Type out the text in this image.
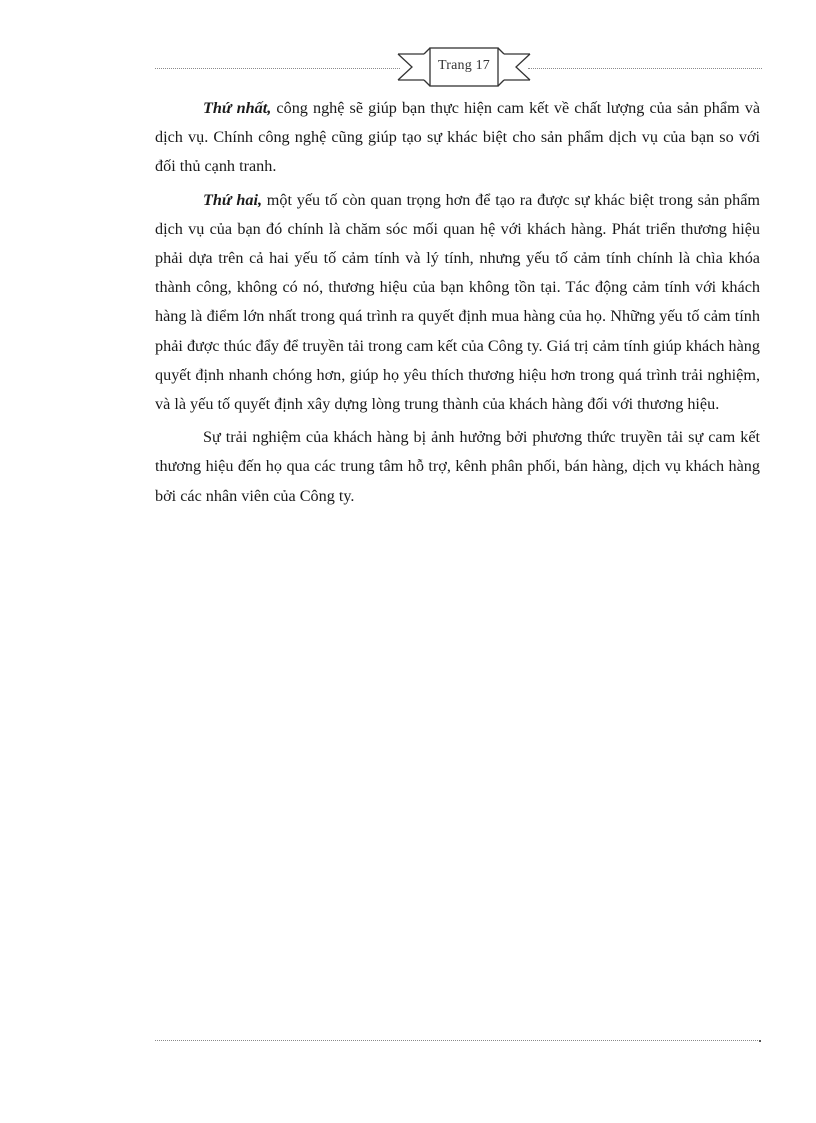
Trang 17

Thứ nhất, công nghệ sẽ giúp bạn thực hiện cam kết về chất lượng của sản phẩm và dịch vụ. Chính công nghệ cũng giúp tạo sự khác biệt cho sản phẩm dịch vụ của bạn so với đối thủ cạnh tranh.

Thứ hai, một yếu tố còn quan trọng hơn để tạo ra được sự khác biệt trong sản phẩm dịch vụ của bạn đó chính là chăm sóc mối quan hệ với khách hàng. Phát triển thương hiệu phải dựa trên cả hai yếu tố cảm tính và lý tính, nhưng yếu tố cảm tính chính là chìa khóa thành công, không có nó, thương hiệu của bạn không tồn tại. Tác động cảm tính với khách hàng là điểm lớn nhất trong quá trình ra quyết định mua hàng của họ. Những yếu tố cảm tính phải được thúc đẩy để truyền tải trong cam kết của Công ty. Giá trị cảm tính giúp khách hàng quyết định nhanh chóng hơn, giúp họ yêu thích thương hiệu hơn trong quá trình trải nghiệm, và là yếu tố quyết định xây dựng lòng trung thành của khách hàng đối với thương hiệu.

Sự trải nghiệm của khách hàng bị ảnh hưởng bởi phương thức truyền tải sự cam kết thương hiệu đến họ qua các trung tâm hỗ trợ, kênh phân phối, bán hàng, dịch vụ khách hàng bởi các nhân viên của Công ty.
